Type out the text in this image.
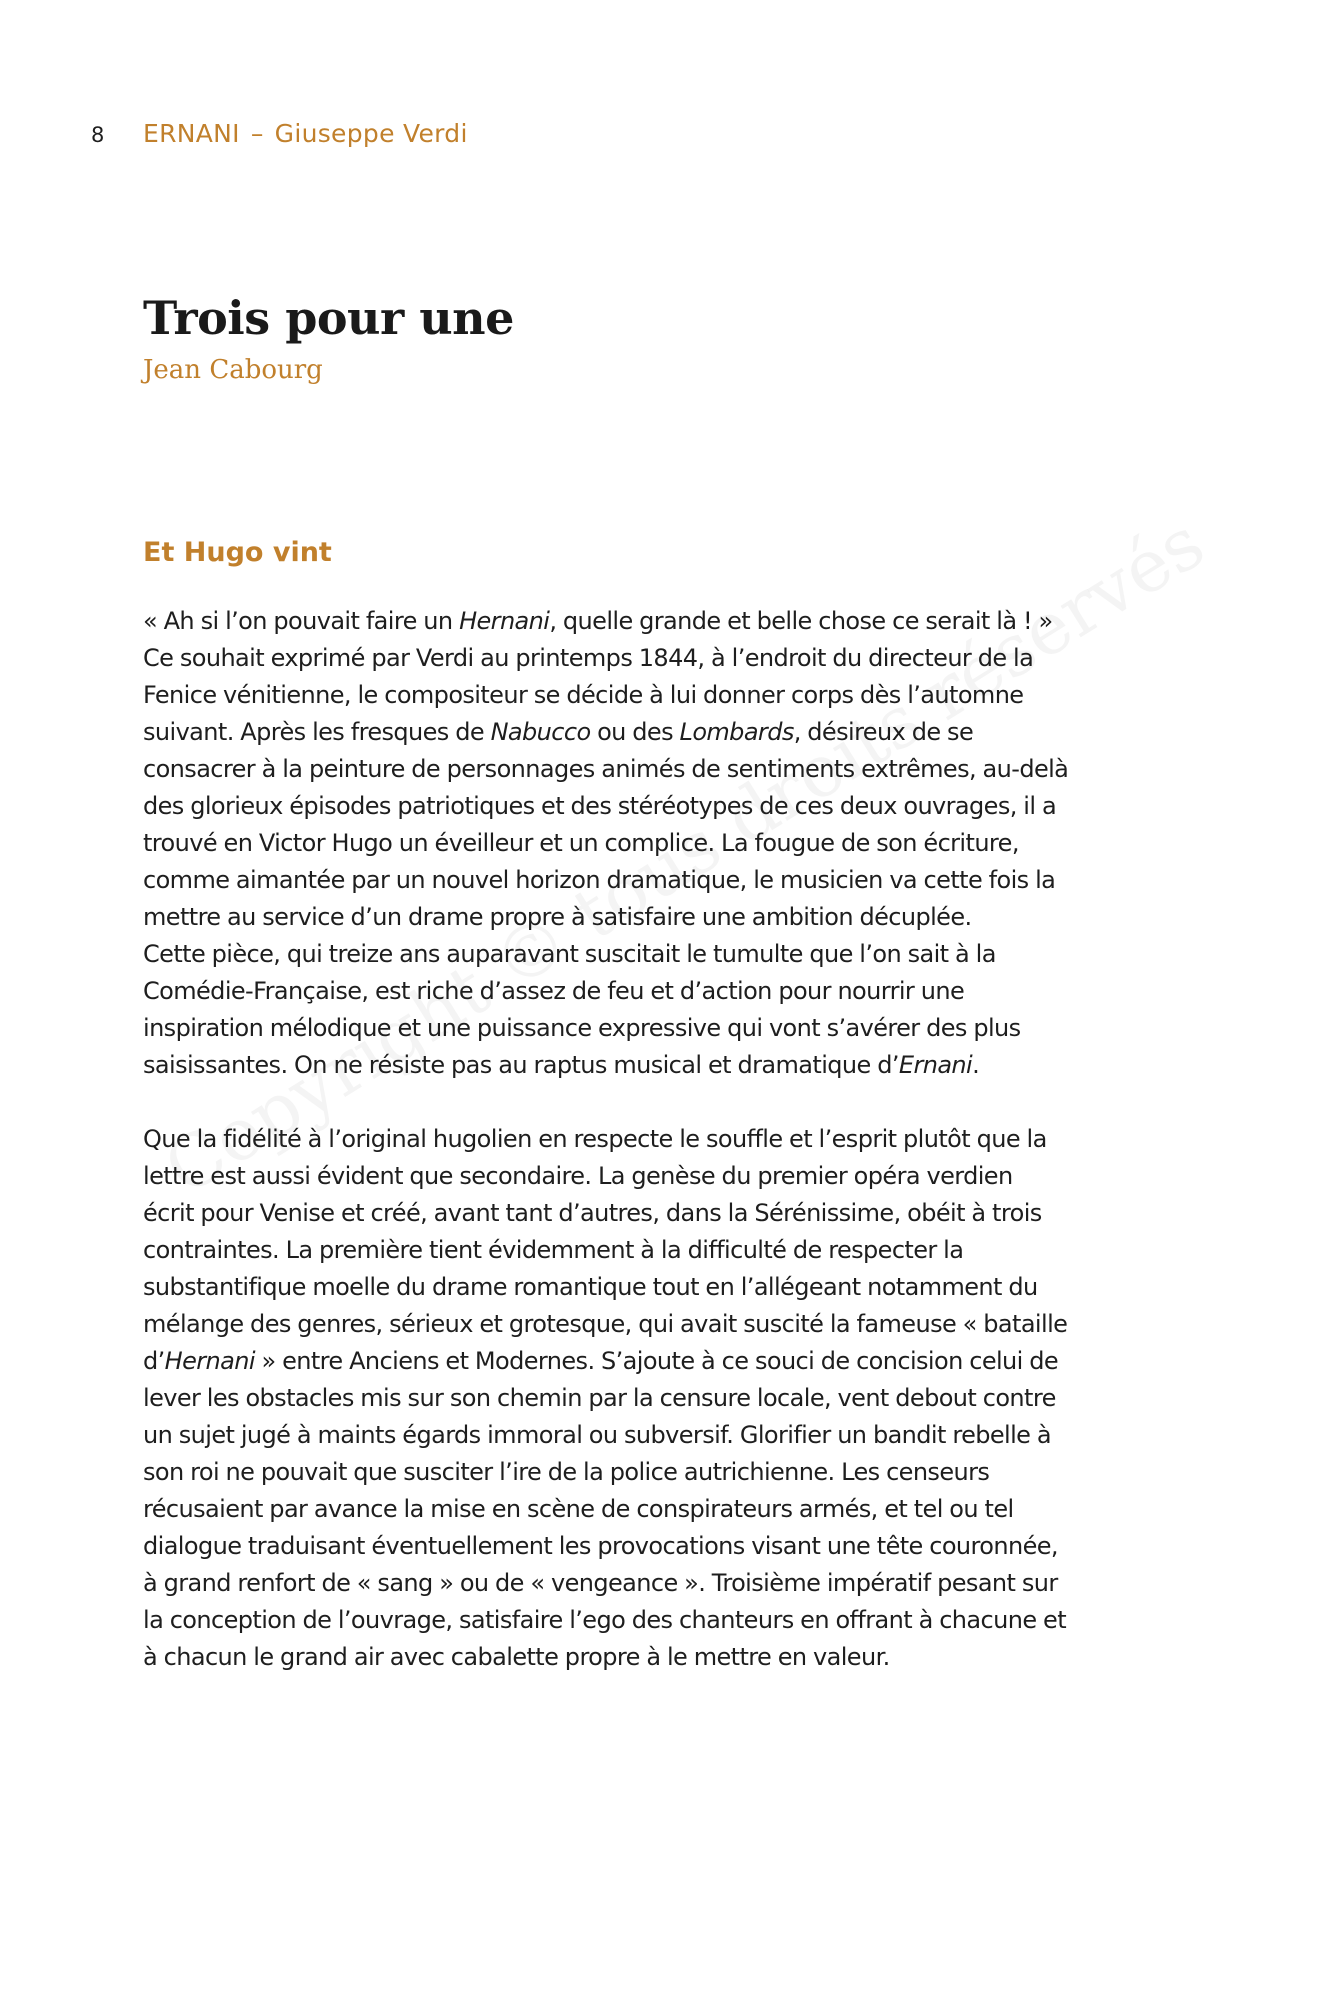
8 ERNANI – Giuseppe Verdi
Trois pour une
Jean Cabourg
Et Hugo vint
« Ah si l’on pouvait faire un Hernani, quelle grande et belle chose ce serait là ! »
Ce souhait exprimé par Verdi au printemps 1844, à l’endroit du directeur de la
Fenice vénitienne, le compositeur se décide à lui donner corps dès l’automne
suivant. Après les fresques de Nabucco ou des Lombards, désireux de se
consacrer à la peinture de personnages animés de sentiments extrêmes, au-delà
des glorieux épisodes patriotiques et des stéréotypes de ces deux ouvrages, il a
trouvé en Victor Hugo un éveilleur et un complice. La fougue de son écriture,
comme aimantée par un nouvel horizon dramatique, le musicien va cette fois la
mettre au service d’un drame propre à satisfaire une ambition décuplée.
Cette pièce, qui treize ans auparavant suscitait le tumulte que l’on sait à la
Comédie-Française, est riche d’assez de feu et d’action pour nourrir une
inspiration mélodique et une puissance expressive qui vont s’avérer des plus
saisissantes. On ne résiste pas au raptus musical et dramatique d’Ernani.
Que la fidélité à l’original hugolien en respecte le souffle et l’esprit plutôt que la
lettre est aussi évident que secondaire. La genèse du premier opéra verdien
écrit pour Venise et créé, avant tant d’autres, dans la Sérénissime, obéit à trois
contraintes. La première tient évidemment à la difficulté de respecter la
substantifique moelle du drame romantique tout en l’allégeant notamment du
mélange des genres, sérieux et grotesque, qui avait suscité la fameuse « bataille
d’Hernani » entre Anciens et Modernes. S’ajoute à ce souci de concision celui de
lever les obstacles mis sur son chemin par la censure locale, vent debout contre
un sujet jugé à maints égards immoral ou subversif. Glorifier un bandit rebelle à
son roi ne pouvait que susciter l’ire de la police autrichienne. Les censeurs
récusaient par avance la mise en scène de conspirateurs armés, et tel ou tel
dialogue traduisant éventuellement les provocations visant une tête couronnée,
à grand renfort de « sang » ou de « vengeance ». Troisième impératif pesant sur
la conception de l’ouvrage, satisfaire l’ego des chanteurs en offrant à chacune et
à chacun le grand air avec cabalette propre à le mettre en valeur.
